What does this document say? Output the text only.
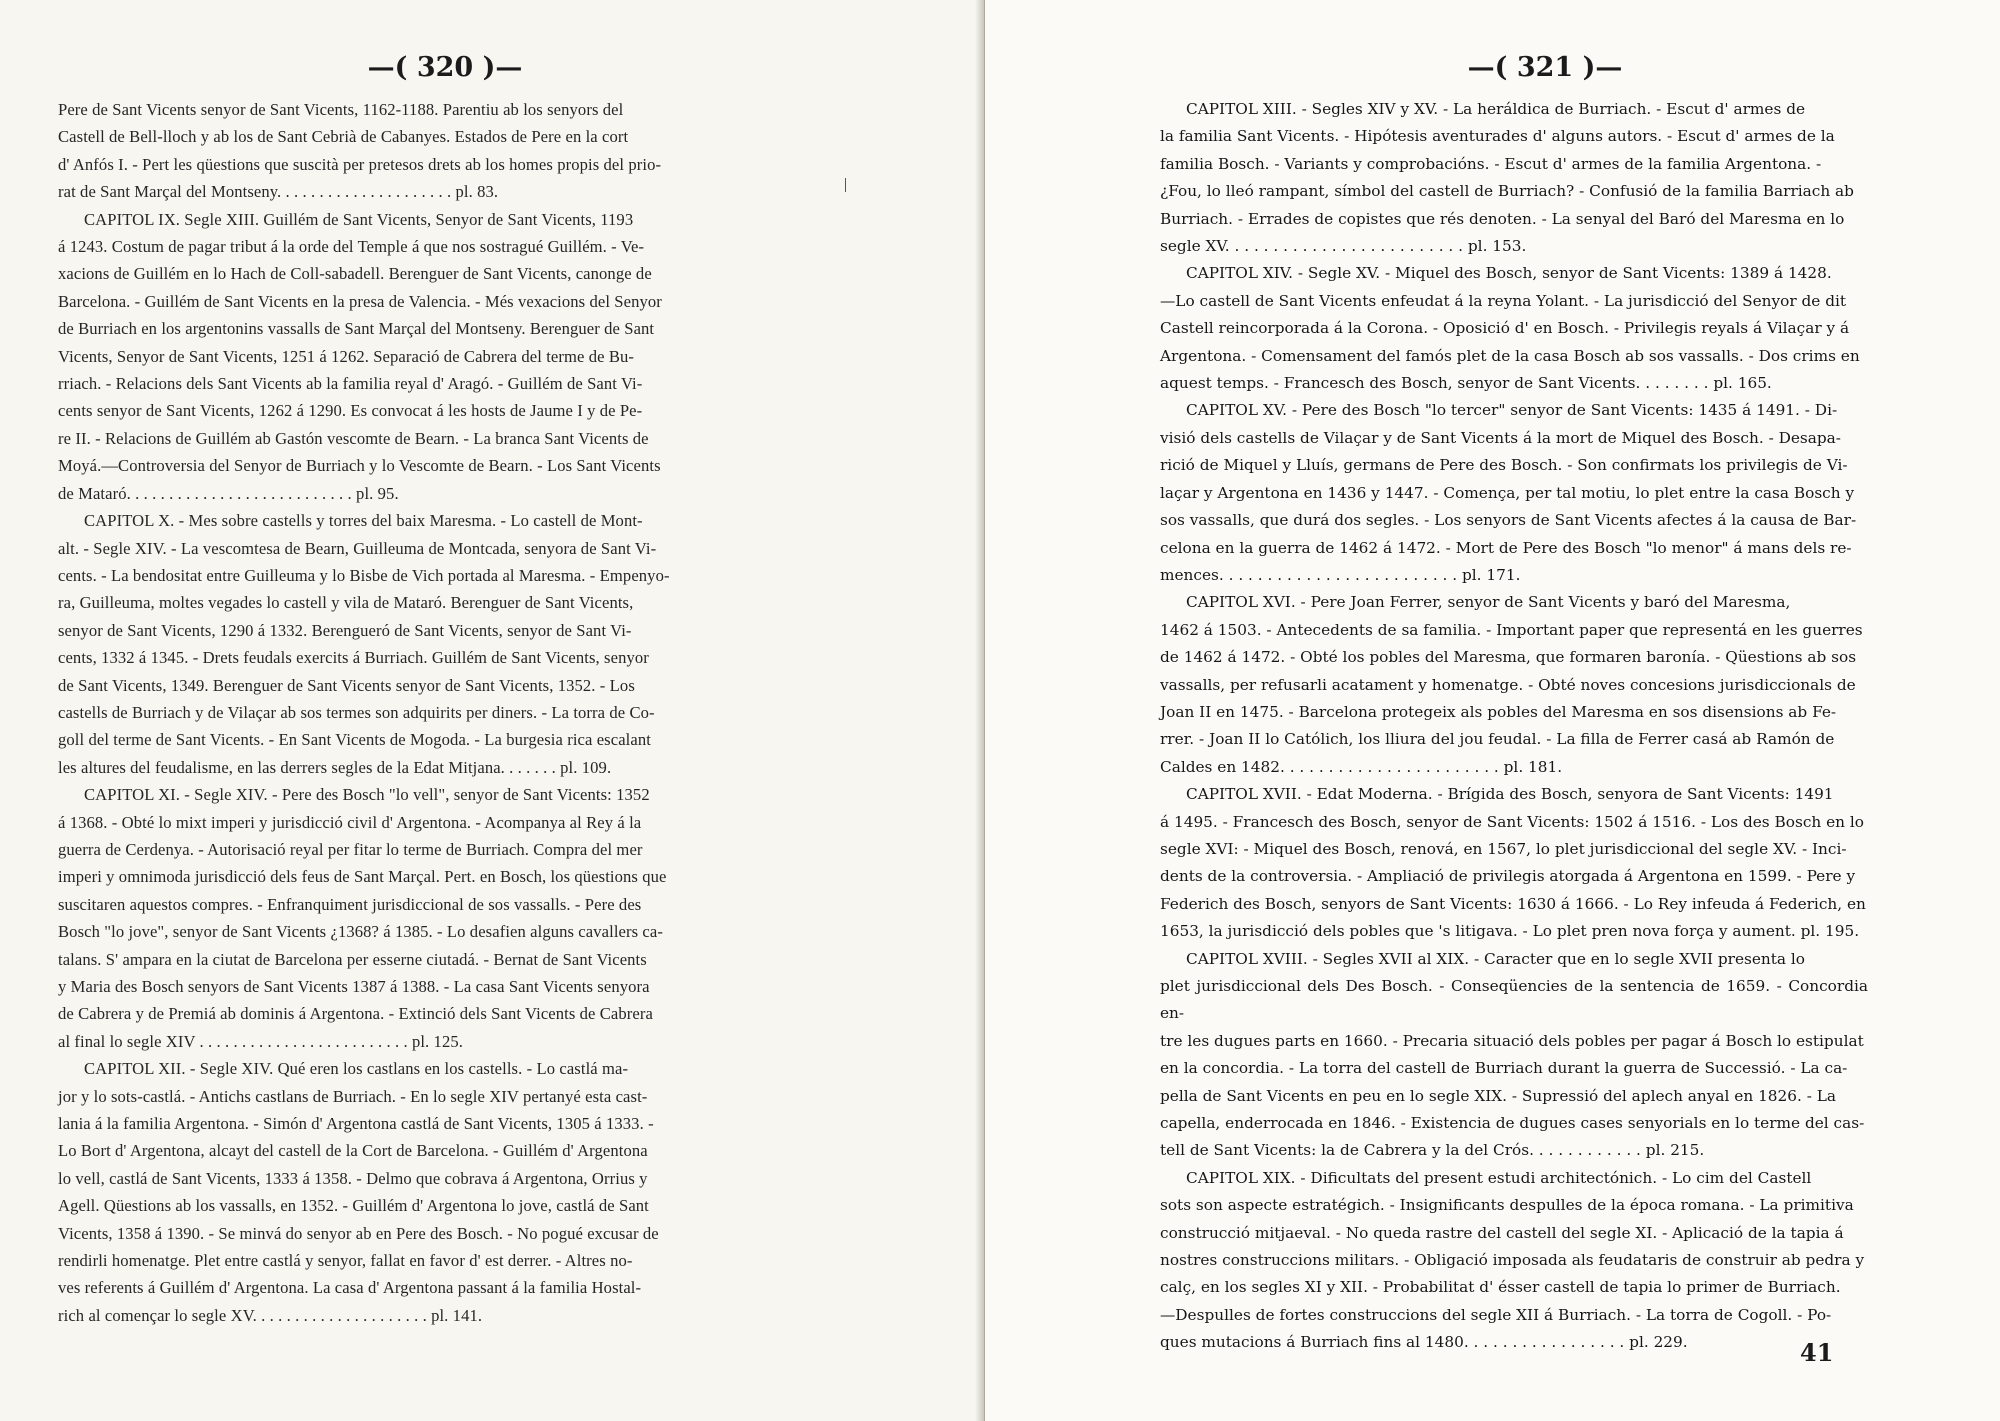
—( 320 )—
Pere de Sant Vicents senyor de Sant Vicents, 1162-1188. Parentiu ab los senyors del
Castell de Bell-lloch y ab los de Sant Cebrià de Cabanyes. Estados de Pere en la cort
d' Anfós I. - Pert les qüestions que suscità per pretesos drets ab los homes propis del prio-
rat de Sant Marçal del Montseny. . . . . . . . . . . . . . . . . . . . . pl. 83.
CAPITOL IX. Segle XIII. Guillém de Sant Vicents, Senyor de Sant Vicents, 1193
á 1243. Costum de pagar tribut á la orde del Temple á que nos sostragué Guillém. - Ve-
xacions de Guillém en lo Hach de Coll-sabadell. Berenguer de Sant Vicents, canonge de
Barcelona. - Guillém de Sant Vicents en la presa de Valencia. - Més vexacions del Senyor
de Burriach en los argentonins vassalls de Sant Marçal del Montseny. Berenguer de Sant
Vicents, Senyor de Sant Vicents, 1251 á 1262. Separació de Cabrera del terme de Bu-
rriach. - Relacions dels Sant Vicents ab la familia reyal d' Aragó. - Guillém de Sant Vi-
cents senyor de Sant Vicents, 1262 á 1290. Es convocat á les hosts de Jaume I y de Pe-
re II. - Relacions de Guillém ab Gastón vescomte de Bearn. - La branca Sant Vicents de
Moyá.—Controversia del Senyor de Burriach y lo Vescomte de Bearn. - Los Sant Vicents
de Mataró. . . . . . . . . . . . . . . . . . . . . . . . . . . pl. 95.
CAPITOL X. - Mes sobre castells y torres del baix Maresma. - Lo castell de Mont-
alt. - Segle XIV. - La vescomtesa de Bearn, Guilleuma de Montcada, senyora de Sant Vi-
cents. - La bendositat entre Guilleuma y lo Bisbe de Vich portada al Maresma. - Empenyo-
ra, Guilleuma, moltes vegades lo castell y vila de Mataró. Berenguer de Sant Vicents,
senyor de Sant Vicents, 1290 á 1332. Berengueró de Sant Vicents, senyor de Sant Vi-
cents, 1332 á 1345. - Drets feudals exercits á Burriach. Guillém de Sant Vicents, senyor
de Sant Vicents, 1349. Berenguer de Sant Vicents senyor de Sant Vicents, 1352. - Los
castells de Burriach y de Vilaçar ab sos termes son adquirits per diners. - La torra de Co-
goll del terme de Sant Vicents. - En Sant Vicents de Mogoda. - La burgesia rica escalant
les altures del feudalisme, en las derrers segles de la Edat Mitjana. . . . . . . pl. 109.
CAPITOL XI. - Segle XIV. - Pere des Bosch "lo vell", senyor de Sant Vicents: 1352
á 1368. - Obté lo mixt imperi y jurisdicció civil d' Argentona. - Acompanya al Rey á la
guerra de Cerdenya. - Autorisació reyal per fitar lo terme de Burriach. Compra del mer
imperi y omnimoda jurisdicció dels feus de Sant Marçal. Pert. en Bosch, los qüestions que
suscitaren aquestos compres. - Enfranquiment jurisdiccional de sos vassalls. - Pere des
Bosch "lo jove", senyor de Sant Vicents ¿1368? á 1385. - Lo desafien alguns cavallers ca-
talans. S' ampara en la ciutat de Barcelona per esserne ciutadá. - Bernat de Sant Vicents
y Maria des Bosch senyors de Sant Vicents 1387 á 1388. - La casa Sant Vicents senyora
de Cabrera y de Premiá ab dominis á Argentona. - Extinció dels Sant Vicents de Cabrera
al final lo segle XIV . . . . . . . . . . . . . . . . . . . . . . . . . pl. 125.
CAPITOL XII. - Segle XIV. Qué eren los castlans en los castells. - Lo castlá ma-
jor y lo sots-castlá. - Antichs castlans de Burriach. - En lo segle XIV pertanyé esta cast-
lania á la familia Argentona. - Simón d' Argentona castlá de Sant Vicents, 1305 á 1333. -
Lo Bort d' Argentona, alcayt del castell de la Cort de Barcelona. - Guillém d' Argentona
lo vell, castlá de Sant Vicents, 1333 á 1358. - Delmo que cobrava á Argentona, Orrius y
Agell. Qüestions ab los vassalls, en 1352. - Guillém d' Argentona lo jove, castlá de Sant
Vicents, 1358 á 1390. - Se minvá do senyor ab en Pere des Bosch. - No pogué excusar de
rendirli homenatge. Plet entre castlá y senyor, fallat en favor d' est derrer. - Altres no-
ves referents á Guillém d' Argentona. La casa d' Argentona passant á la familia Hostal-
rich al començar lo segle XV. . . . . . . . . . . . . . . . . . . . . pl. 141.
—( 321 )—
CAPITOL XIII. - Segles XIV y XV. - La heráldica de Burriach. - Escut d' armes de
la familia Sant Vicents. - Hipótesis aventurades d' alguns autors. - Escut d' armes de la
familia Bosch. - Variants y comprobacións. - Escut d' armes de la familia Argentona. -
¿Fou, lo lleó rampant, símbol del castell de Burriach? - Confusió de la familia Barriach ab
Burriach. - Errades de copistes que rés denoten. - La senyal del Baró del Maresma en lo
segle XV. . . . . . . . . . . . . . . . . . . . . . . . . pl. 153.
CAPITOL XIV. - Segle XV. - Miquel des Bosch, senyor de Sant Vicents: 1389 á 1428.
—Lo castell de Sant Vicents enfeudat á la reyna Yolant. - La jurisdicció del Senyor de dit
Castell reincorporada á la Corona. - Oposició d' en Bosch. - Privilegis reyals á Vilaçar y á
Argentona. - Comensament del famós plet de la casa Bosch ab sos vassalls. - Dos crims en
aquest temps. - Francesch des Bosch, senyor de Sant Vicents. . . . . . . . pl. 165.
CAPITOL XV. - Pere des Bosch "lo tercer" senyor de Sant Vicents: 1435 á 1491. - Di-
visió dels castells de Vilaçar y de Sant Vicents á la mort de Miquel des Bosch. - Desapa-
rició de Miquel y Lluís, germans de Pere des Bosch. - Son confirmats los privilegis de Vi-
laçar y Argentona en 1436 y 1447. - Comença, per tal motiu, lo plet entre la casa Bosch y
sos vassalls, que durá dos segles. - Los senyors de Sant Vicents afectes á la causa de Bar-
celona en la guerra de 1462 á 1472. - Mort de Pere des Bosch "lo menor" á mans dels re-
mences. . . . . . . . . . . . . . . . . . . . . . . . . pl. 171.
CAPITOL XVI. - Pere Joan Ferrer, senyor de Sant Vicents y baró del Maresma,
1462 á 1503. - Antecedents de sa familia. - Important paper que representá en les guerres
de 1462 á 1472. - Obté los pobles del Maresma, que formaren baronía. - Qüestions ab sos
vassalls, per refusarli acatament y homenatge. - Obté noves concesions jurisdiccionals de
Joan II en 1475. - Barcelona protegeix als pobles del Maresma en sos disensions ab Fe-
rrer. - Joan II lo Católich, los lliura del jou feudal. - La filla de Ferrer casá ab Ramón de
Caldes en 1482. . . . . . . . . . . . . . . . . . . . . . . pl. 181.
CAPITOL XVII. - Edat Moderna. - Brígida des Bosch, senyora de Sant Vicents: 1491
á 1495. - Francesch des Bosch, senyor de Sant Vicents: 1502 á 1516. - Los des Bosch en lo
segle XVI: - Miquel des Bosch, renová, en 1567, lo plet jurisdiccional del segle XV. - Inci-
dents de la controversia. - Ampliació de privilegis atorgada á Argentona en 1599. - Pere y
Federich des Bosch, senyors de Sant Vicents: 1630 á 1666. - Lo Rey infeuda á Federich, en
1653, la jurisdicció dels pobles que 's litigava. - Lo plet pren nova força y aument. pl. 195.
CAPITOL XVIII. - Segles XVII al XIX. - Caracter que en lo segle XVII presenta lo
plet jurisdiccional dels Des Bosch. - Conseqüencies de la sentencia de 1659. - Concordia en-
tre les dugues parts en 1660. - Precaria situació dels pobles per pagar á Bosch lo estipulat
en la concordia. - La torra del castell de Burriach durant la guerra de Successió. - La ca-
pella de Sant Vicents en peu en lo segle XIX. - Supressió del aplech anyal en 1826. - La
capella, enderrocada en 1846. - Existencia de dugues cases senyorials en lo terme del cas-
tell de Sant Vicents: la de Cabrera y la del Crós. . . . . . . . . . . . pl. 215.
CAPITOL XIX. - Dificultats del present estudi architectónich. - Lo cim del Castell
sots son aspecte estratégich. - Insignificants despulles de la época romana. - La primitiva
construcció mitjaeval. - No queda rastre del castell del segle XI. - Aplicació de la tapia á
nostres construccions militars. - Obligació imposada als feudataris de construir ab pedra y
calç, en los segles XI y XII. - Probabilitat d' ésser castell de tapia lo primer de Burriach.
—Despulles de fortes construccions del segle XII á Burriach. - La torra de Cogoll. - Po-
ques mutacions á Burriach fins al 1480. . . . . . . . . . . . . . . . . pl. 229.	41
